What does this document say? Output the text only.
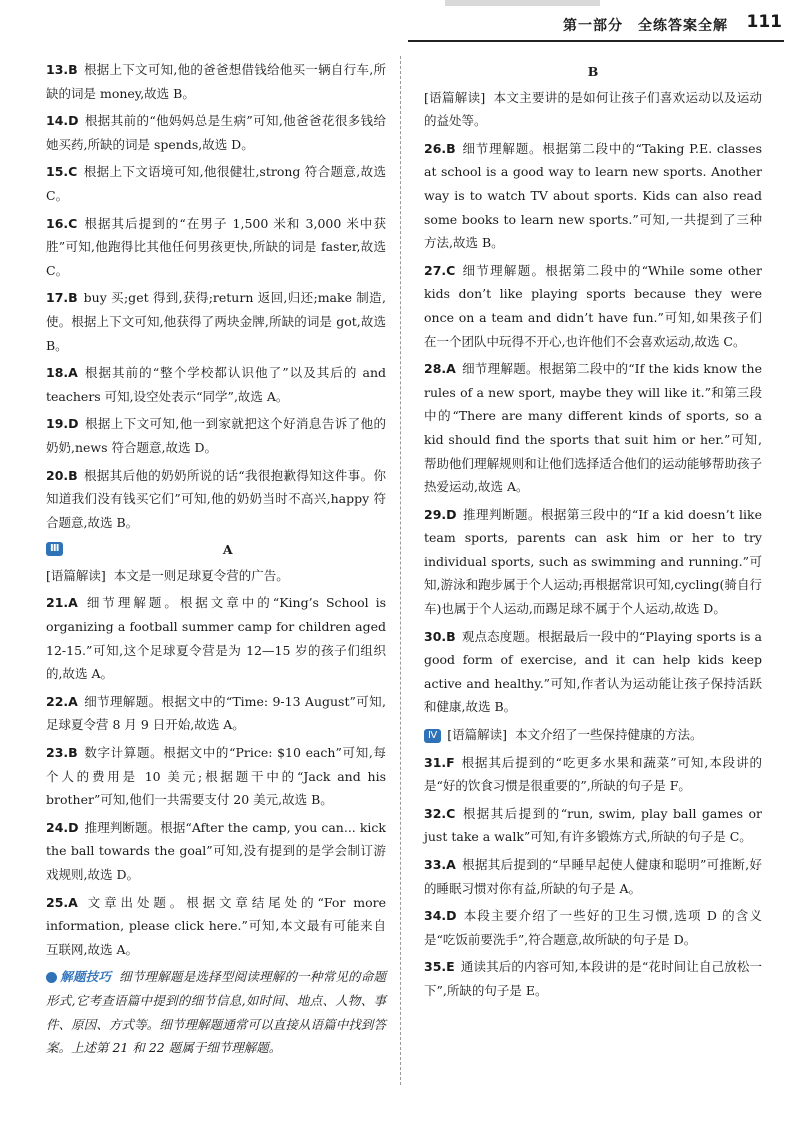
第一部分　全练答案全解 111
13.B 根据上下文可知,他的爸爸想借钱给他买一辆自行车,所缺的词是 money,故选 B。
14.D 根据其前的“他妈妈总是生病”可知,他爸爸花很多钱给她买药,所缺的词是 spends,故选 D。
15.C 根据上下文语境可知,他很健壮,strong 符合题意,故选 C。
16.C 根据其后提到的“在男子 1,500 米和 3,000 米中获胜”可知,他跑得比其他任何男孩更快,所缺的词是 faster,故选 C。
17.B buy 买;get 得到,获得;return 返回,归还;make 制造,使。根据上下文可知,他获得了两块金牌,所缺的词是 got,故选 B。
18.A 根据其前的“整个学校都认识他了”以及其后的 and teachers 可知,设空处表示“同学”,故选 A。
19.D 根据上下文可知,他一到家就把这个好消息告诉了他的奶奶,news 符合题意,故选 D。
20.B 根据其后他的奶奶所说的话“我很抱歉得知这件事。你知道我们没有钱买它们”可知,他的奶奶当时不高兴,happy 符合题意,故选 B。
Ⅲ	A
[语篇解读] 本文是一则足球夏令营的广告。
21.A 细节理解题。根据文章中的“King’s School is organizing a football summer camp for children aged 12-15.”可知,这个足球夏令营是为 12—15 岁的孩子们组织的,故选 A。
22.A 细节理解题。根据文中的“Time: 9-13 August”可知,足球夏令营 8 月 9 日开始,故选 A。
23.B 数字计算题。根据文中的“Price: $10 each”可知,每个人的费用是 10 美元;根据题干中的“Jack and his brother”可知,他们一共需要支付 20 美元,故选 B。
24.D 推理判断题。根据“After the camp, you can... kick the ball towards the goal”可知,没有提到的是学会制订游戏规则,故选 D。
25.A 文章出处题。根据文章结尾处的“For more information, please click here.”可知,本文最有可能来自互联网,故选 A。
解题技巧 细节理解题是选择型阅读理解的一种常见的命题形式,它考查语篇中提到的细节信息,如时间、地点、人物、事件、原因、方式等。细节理解题通常可以直接从语篇中找到答案。上述第 21 和 22 题属于细节理解题。
B
[语篇解读] 本文主要讲的是如何让孩子们喜欢运动以及运动的益处等。
26.B 细节理解题。根据第二段中的“Taking P.E. classes at school is a good way to learn new sports. Another way is to watch TV about sports. Kids can also read some books to learn new sports.”可知,一共提到了三种方法,故选 B。
27.C 细节理解题。根据第二段中的“While some other kids don’t like playing sports because they were once on a team and didn’t have fun.”可知,如果孩子们在一个团队中玩得不开心,也许他们不会喜欢运动,故选 C。
28.A 细节理解题。根据第二段中的“If the kids know the rules of a new sport, maybe they will like it.”和第三段中的“There are many different kinds of sports, so a kid should find the sports that suit him or her.”可知,帮助他们理解规则和让他们选择适合他们的运动能够帮助孩子热爱运动,故选 A。
29.D 推理判断题。根据第三段中的“If a kid doesn’t like team sports, parents can ask him or her to try individual sports, such as swimming and running.”可知,游泳和跑步属于个人运动;再根据常识可知,cycling(骑自行车)也属于个人运动,而踢足球不属于个人运动,故选 D。
30.B 观点态度题。根据最后一段中的“Playing sports is a good form of exercise, and it can help kids keep active and healthy.”可知,作者认为运动能让孩子保持活跃和健康,故选 B。
Ⅳ [语篇解读] 本文介绍了一些保持健康的方法。
31.F 根据其后提到的“吃更多水果和蔬菜”可知,本段讲的是“好的饮食习惯是很重要的”,所缺的句子是 F。
32.C 根据其后提到的“run, swim, play ball games or just take a walk”可知,有许多锻炼方式,所缺的句子是 C。
33.A 根据其后提到的“早睡早起使人健康和聪明”可推断,好的睡眠习惯对你有益,所缺的句子是 A。
34.D 本段主要介绍了一些好的卫生习惯,选项 D 的含义是“吃饭前要洗手”,符合题意,故所缺的句子是 D。
35.E 通读其后的内容可知,本段讲的是“花时间让自己放松一下”,所缺的句子是 E。
